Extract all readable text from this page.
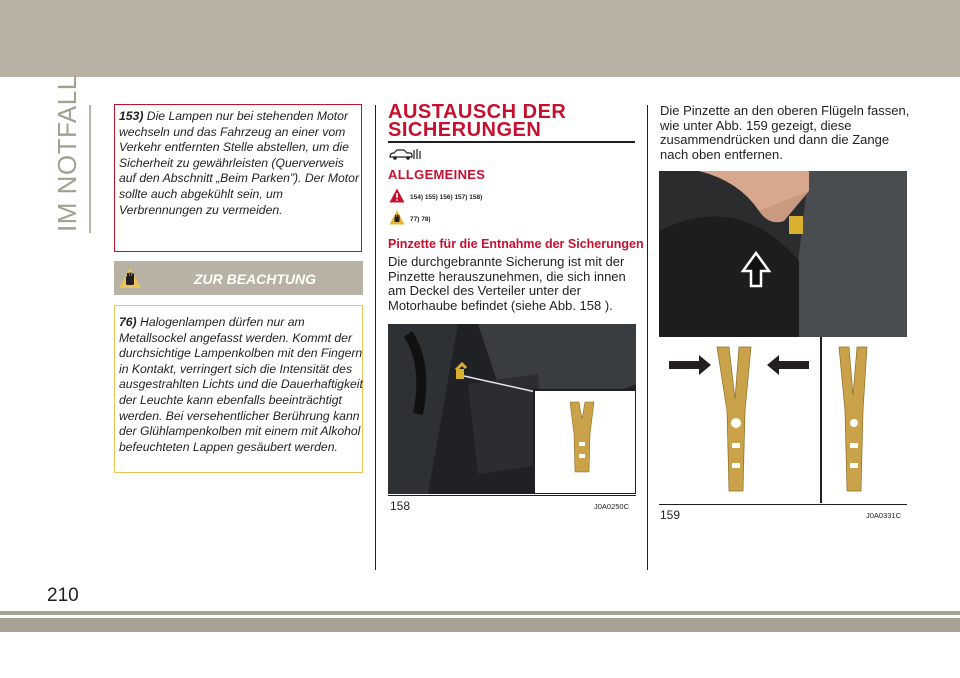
IM NOTFALL
210
153) Die Lampen nur bei stehenden Motor wechseln und das Fahrzeug an einer vom Verkehr entfernten Stelle abstellen, um die Sicherheit zu gewährleisten (Querverweis auf den Abschnitt „Beim Parken”). Der Motor sollte auch abgekühlt sein, um Verbrennungen zu vermeiden.
ZUR BEACHTUNG
76) Halogenlampen dürfen nur am Metallsockel angefasst werden. Kommt der durchsichtige Lampenkolben mit den Fingern in Kontakt, verringert sich die Intensität des ausgestrahlten Lichts und die Dauerhaftigkeit der Leuchte kann ebenfalls beeinträchtigt werden. Bei versehentlicher Berührung kann der Glühlampenkolben mit einem mit Alkohol befeuchteten Lappen gesäubert werden.
AUSTAUSCH DER
SICHERUNGEN
ALLGEMEINES
154) 155) 156) 157) 158)
77) 78)
Pinzette für die Entnahme der Sicherungen
Die durchgebrannte Sicherung ist mit der Pinzette herauszunehmen, die sich innen am Deckel des Verteiler unter der Motorhaube befindet (siehe Abb. 158 ).
158	J0A0250C
Die Pinzette an den oberen Flügeln fassen, wie unter Abb. 159 gezeigt, diese zusammendrücken und dann die Zange nach oben entfernen.
159	J0A0331C
